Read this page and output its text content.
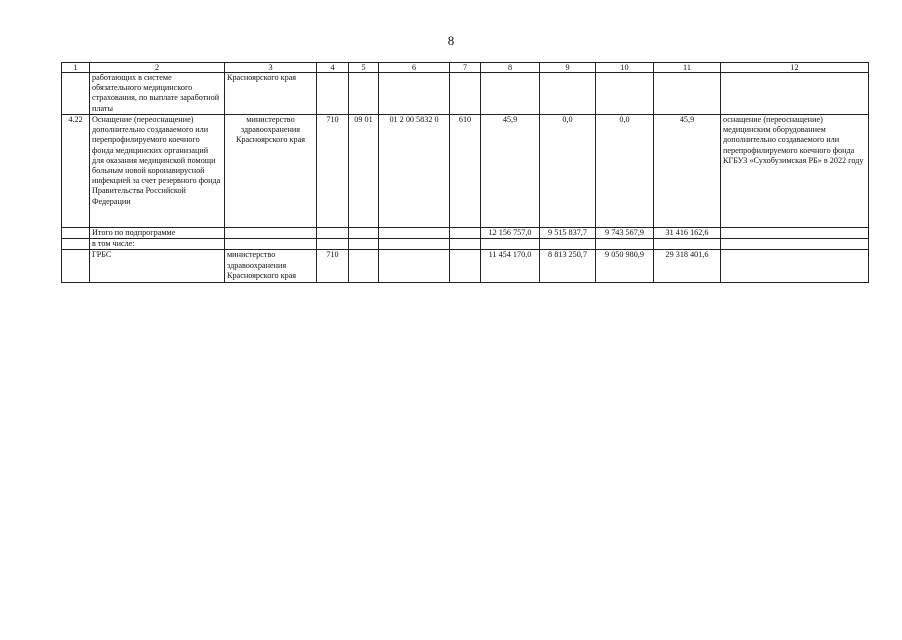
8
1	2	3	4	5	6	7	8	9	10	11	12
	работающих в системе обязательного медицинского страхования, по выплате заработной платы	Красноярского края									
4.22	Оснащение (переоснащение) дополнительно создаваемого или перепрофилируемого коечного фонда медицинских организаций для оказания медицинской помощи больным новой коронавирусной инфекцией за счет резервного фонда Правительства Российской Федерации	министерство здравоохранения Красноярского края	710	09 01	01 2 00 5832 0	610	45,9	0,0	0,0	45,9	оснащение (переоснащение) медицинским оборудованием дополнительно создаваемого или перепрофилируемого коечного фонда КГБУЗ «Сухобузимская РБ» в 2022 году
	Итого по подпрограмме						12 156 757,0	9 515 837,7	9 743 567,9	31 416 162,6	
	в том числе:										
	ГРБС	министерство здравоохранения Красноярского края	710				11 454 170,0	8 813 250,7	9 050 980,9	29 318 401,6	
